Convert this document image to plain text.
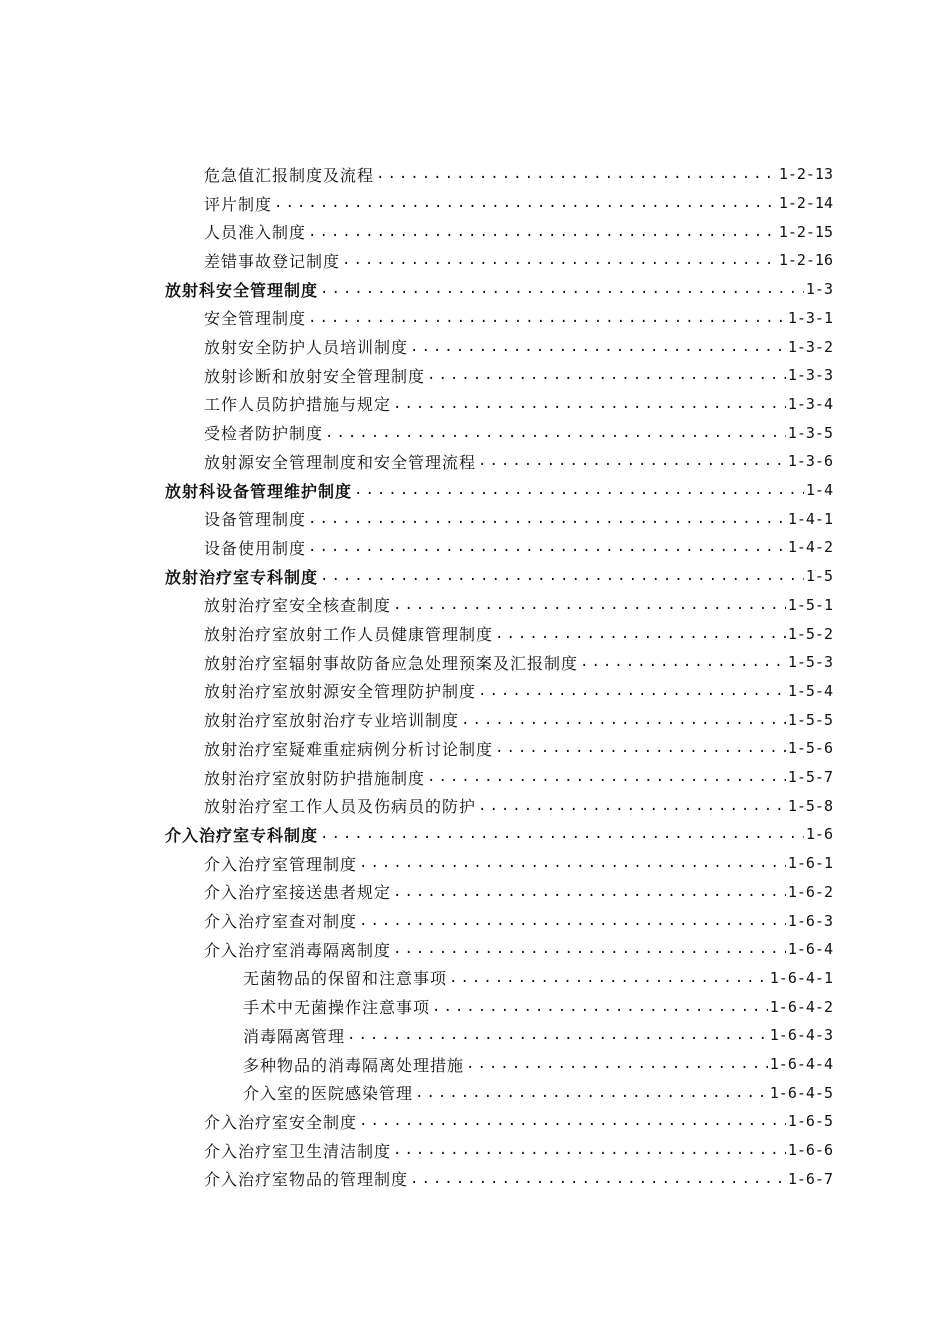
危急值汇报制度及流程 .....	1-2-13
评片制度 .....	1-2-14
人员准入制度 .....	1-2-15
差错事故登记制度 .....	1-2-16
放射科安全管理制度 .....	1-3
安全管理制度 .....	1-3-1
放射安全防护人员培训制度 .....	1-3-2
放射诊断和放射安全管理制度 .....	1-3-3
工作人员防护措施与规定 .....	1-3-4
受检者防护制度 .....	1-3-5
放射源安全管理制度和安全管理流程 .....	1-3-6
放射科设备管理维护制度 .....	1-4
设备管理制度 .....	1-4-1
设备使用制度 .....	1-4-2
放射治疗室专科制度 .....	1-5
放射治疗室安全核查制度 .....	1-5-1
放射治疗室放射工作人员健康管理制度 .....	1-5-2
放射治疗室辐射事故防备应急处理预案及汇报制度 .....	1-5-3
放射治疗室放射源安全管理防护制度 .....	1-5-4
放射治疗室放射治疗专业培训制度 .....	1-5-5
放射治疗室疑难重症病例分析讨论制度 .....	1-5-6
放射治疗室放射防护措施制度 .....	1-5-7
放射治疗室工作人员及伤病员的防护 .....	1-5-8
介入治疗室专科制度 .....	1-6
介入治疗室管理制度 .....	1-6-1
介入治疗室接送患者规定 .....	1-6-2
介入治疗室查对制度 .....	1-6-3
介入治疗室消毒隔离制度 .....	1-6-4
无菌物品的保留和注意事项 .....	1-6-4-1
手术中无菌操作注意事项 .....	1-6-4-2
消毒隔离管理 .....	1-6-4-3
多种物品的消毒隔离处理措施 .....	1-6-4-4
介入室的医院感染管理 .....	1-6-4-5
介入治疗室安全制度 .....	1-6-5
介入治疗室卫生清洁制度 .....	1-6-6
介入治疗室物品的管理制度 .....	1-6-7
